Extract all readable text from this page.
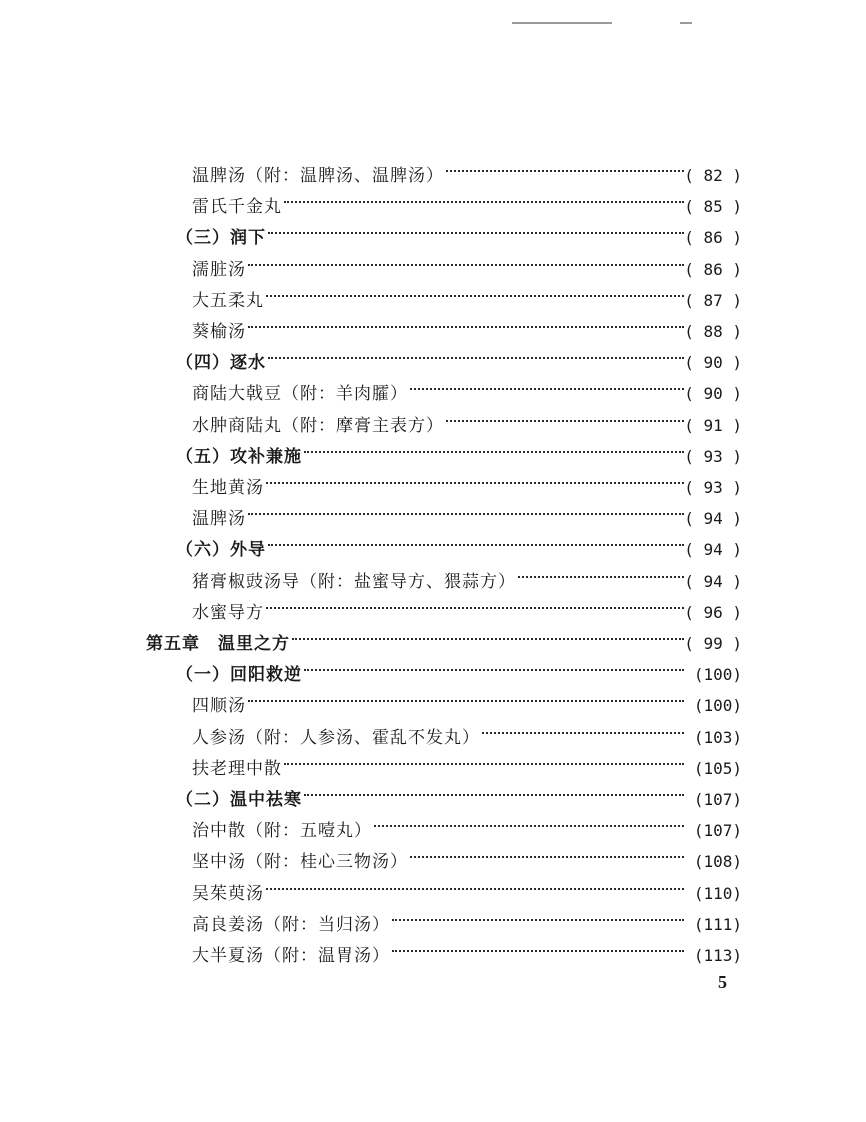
温脾汤（附：温脾汤、温脾汤）	( 82 )
雷氏千金丸	( 85 )
（三）润下	( 86 )
濡脏汤	( 86 )
大五柔丸	( 87 )
葵榆汤	( 88 )
（四）逐水	( 90 )
商陆大戟豆（附：羊肉臛）	( 90 )
水肿商陆丸（附：摩膏主表方）	( 91 )
（五）攻补兼施	( 93 )
生地黄汤	( 93 )
温脾汤	( 94 )
（六）外导	( 94 )
猪膏椒豉汤导（附：盐蜜导方、猥蒜方）	( 94 )
水蜜导方	( 96 )
第五章　温里之方	( 99 )
（一）回阳救逆	(100)
四顺汤	(100)
人参汤（附：人参汤、霍乱不发丸）	(103)
扶老理中散	(105)
（二）温中祛寒	(107)
治中散（附：五噎丸）	(107)
坚中汤（附：桂心三物汤）	(108)
吴茱萸汤	(110)
高良姜汤（附：当归汤）	(111)
大半夏汤（附：温胃汤）	(113)
5
